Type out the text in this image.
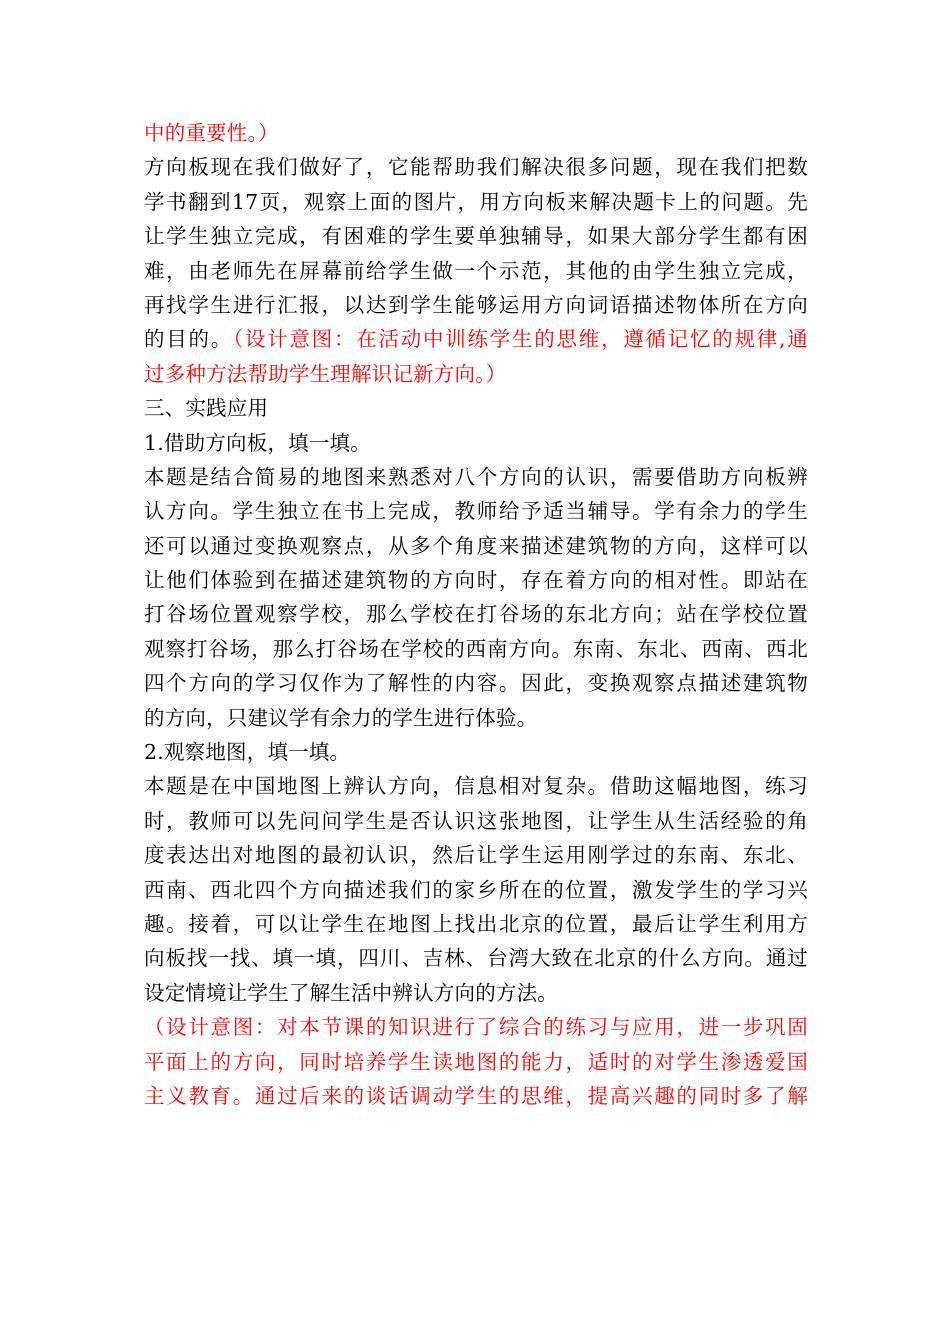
中的重要性。）
方向板现在我们做好了，它能帮助我们解决很多问题，现在我们把数
学书翻到17页，观察上面的图片，用方向板来解决题卡上的问题。先
让学生独立完成，有困难的学生要单独辅导，如果大部分学生都有困
难，由老师先在屏幕前给学生做一个示范，其他的由学生独立完成，
再找学生进行汇报，以达到学生能够运用方向词语描述物体所在方向
的目的。（设计意图：在活动中训练学生的思维，遵循记忆的规律,通
过多种方法帮助学生理解识记新方向。）
三、实践应用
1.借助方向板，填一填。
本题是结合简易的地图来熟悉对八个方向的认识，需要借助方向板辨
认方向。学生独立在书上完成，教师给予适当辅导。学有余力的学生
还可以通过变换观察点，从多个角度来描述建筑物的方向，这样可以
让他们体验到在描述建筑物的方向时，存在着方向的相对性。即站在
打谷场位置观察学校，那么学校在打谷场的东北方向；站在学校位置
观察打谷场，那么打谷场在学校的西南方向。东南、东北、西南、西北
四个方向的学习仅作为了解性的内容。因此，变换观察点描述建筑物
的方向，只建议学有余力的学生进行体验。
2.观察地图，填一填。
本题是在中国地图上辨认方向，信息相对复杂。借助这幅地图，练习
时，教师可以先问问学生是否认识这张地图，让学生从生活经验的角
度表达出对地图的最初认识，然后让学生运用刚学过的东南、东北、
西南、西北四个方向描述我们的家乡所在的位置，激发学生的学习兴
趣。接着，可以让学生在地图上找出北京的位置，最后让学生利用方
向板找一找、填一填，四川、吉林、台湾大致在北京的什么方向。通过
设定情境让学生了解生活中辨认方向的方法。
（设计意图：对本节课的知识进行了综合的练习与应用，进一步巩固
平面上的方向，同时培养学生读地图的能力，适时的对学生渗透爱国
主义教育。通过后来的谈话调动学生的思维，提高兴趣的同时多了解
